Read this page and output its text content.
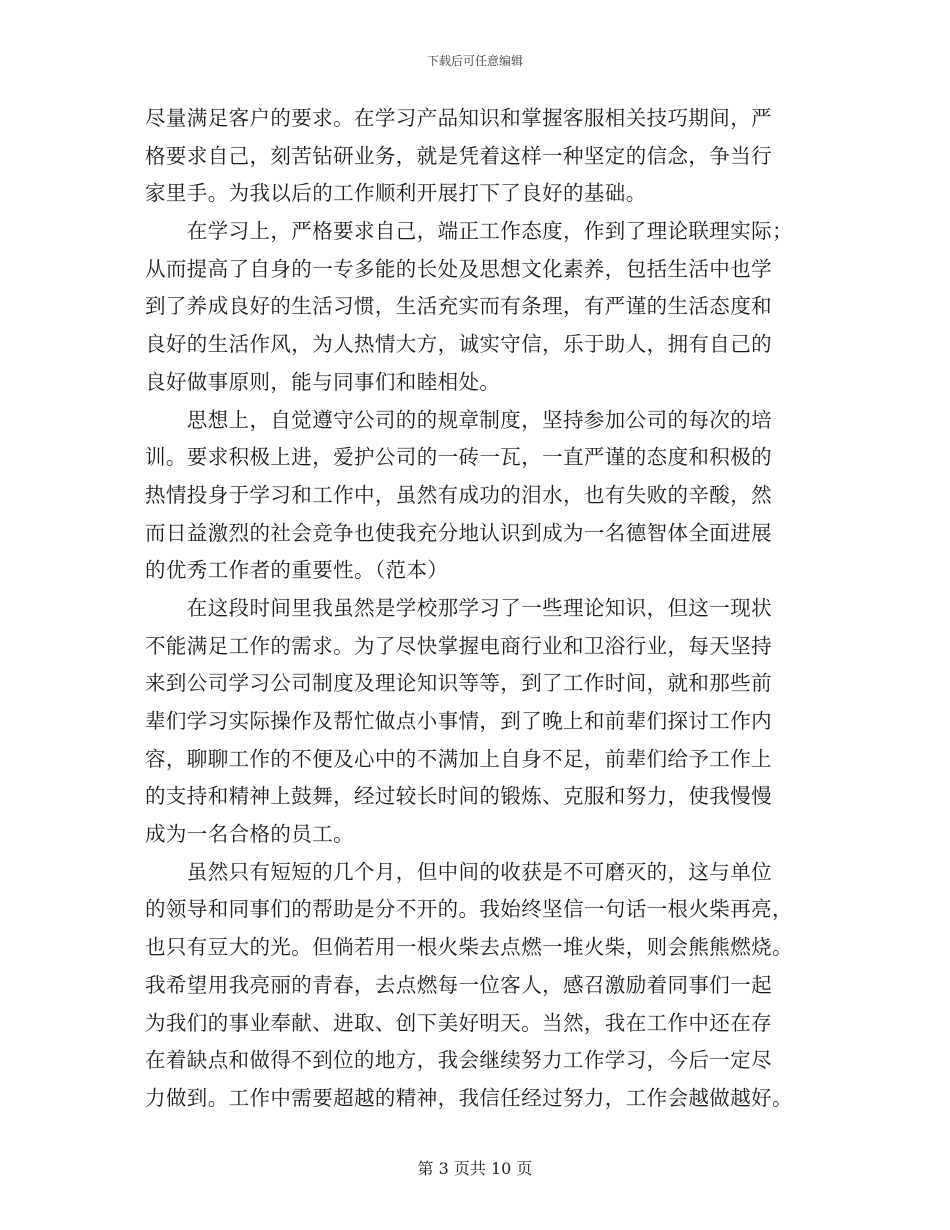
下载后可任意编辑
尽量满足客户的要求。在学习产品知识和掌握客服相关技巧期间，严
格要求自己，刻苦钻研业务，就是凭着这样一种坚定的信念，争当行
家里手。为我以后的工作顺利开展打下了良好的基础。
　　在学习上，严格要求自己，端正工作态度，作到了理论联理实际；
从而提高了自身的一专多能的长处及思想文化素养，包括生活中也学
到了养成良好的生活习惯，生活充实而有条理，有严谨的生活态度和
良好的生活作风，为人热情大方，诚实守信，乐于助人，拥有自己的
良好做事原则，能与同事们和睦相处。
　　思想上，自觉遵守公司的的规章制度，坚持参加公司的每次的培
训。要求积极上进，爱护公司的一砖一瓦，一直严谨的态度和积极的
热情投身于学习和工作中，虽然有成功的泪水，也有失败的辛酸，然
而日益激烈的社会竞争也使我充分地认识到成为一名德智体全面进展
的优秀工作者的重要性。（范本）
　　在这段时间里我虽然是学校那学习了一些理论知识，但这一现状
不能满足工作的需求。为了尽快掌握电商行业和卫浴行业，每天坚持
来到公司学习公司制度及理论知识等等，到了工作时间，就和那些前
辈们学习实际操作及帮忙做点小事情，到了晚上和前辈们探讨工作内
容，聊聊工作的不便及心中的不满加上自身不足，前辈们给予工作上
的支持和精神上鼓舞，经过较长时间的锻炼、克服和努力，使我慢慢
成为一名合格的员工。
　　虽然只有短短的几个月，但中间的收获是不可磨灭的，这与单位
的领导和同事们的帮助是分不开的。我始终坚信一句话一根火柴再亮，
也只有豆大的光。但倘若用一根火柴去点燃一堆火柴，则会熊熊燃烧。
我希望用我亮丽的青春，去点燃每一位客人，感召激励着同事们一起
为我们的事业奉献、进取、创下美好明天。当然，我在工作中还在存
在着缺点和做得不到位的地方，我会继续努力工作学习，今后一定尽
力做到。工作中需要超越的精神，我信任经过努力，工作会越做越好。
第 3 页共 10 页
